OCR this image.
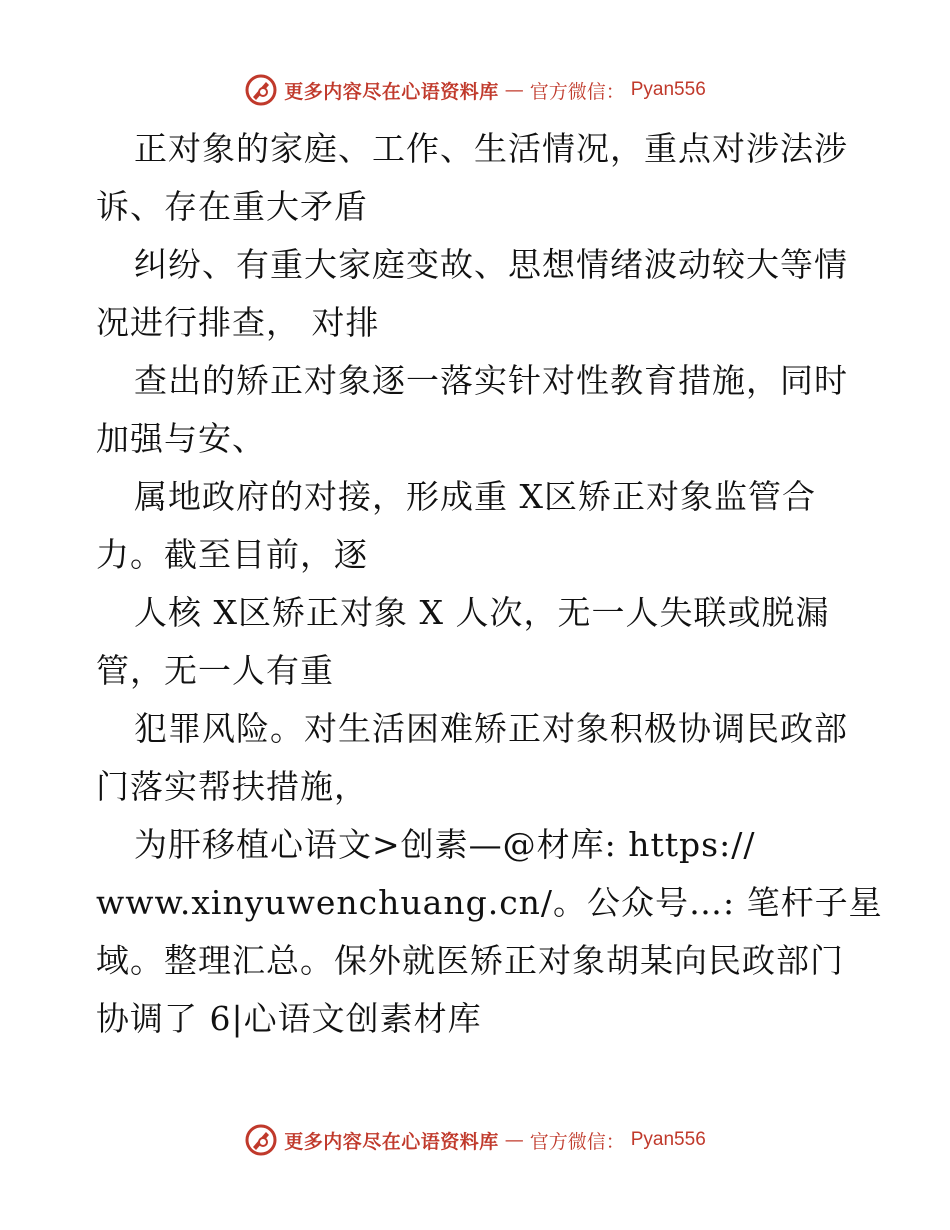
更多内容尽在心语资料库 — 官方微信： Pyan556
正对象的家庭、工作、生活情况，重点对涉法涉
诉、存在重大矛盾
纠纷、有重大家庭变故、思想情绪波动较大等情
况进行排查， 对排
查出的矫正对象逐一落实针对性教育措施，同时
加强与安、
属地政府的对接，形成重 X区矫正对象监管合
力。截至目前，逐
人核 X区矫正对象 X 人次，无一人失联或脱漏
管，无一人有重
犯罪风险。对生活困难矫正对象积极协调民政部
门落实帮扶措施，
为肝移植心语文>创素—@材库: https://
www.xinyuwenchuang.cn/。公众号…: 笔杆子星
域。整理汇总。保外就医矫正对象胡某向民政部门
协调了 6|心语文创素材库
更多内容尽在心语资料库 — 官方微信： Pyan556
